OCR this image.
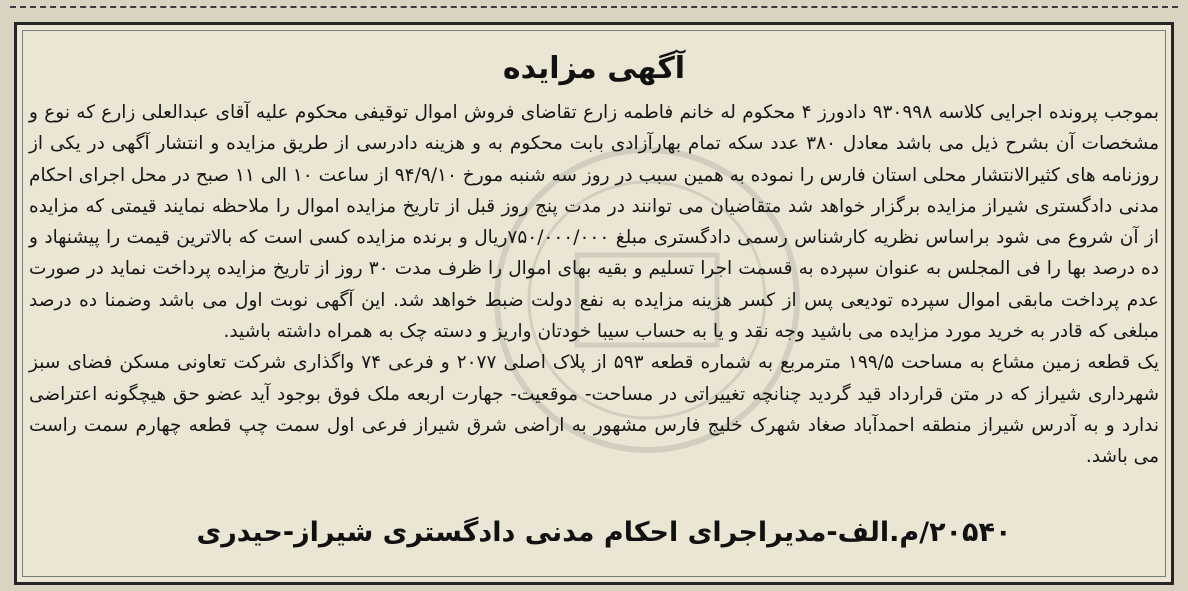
آگهی مزایده

بموجب پرونده اجرایی کلاسه ۹۳۰۹۹۸ دادورز ۴ محکوم له خانم فاطمه زارع تقاضای فروش اموال توقیفی محکوم علیه آقای عبدالعلی زارع که نوع و مشخصات آن بشرح ذیل می باشد معادل ۳۸۰ عدد سکه تمام بهارآزادی بابت محکوم به و هزینه دادرسی از طریق مزایده و انتشار آگهی در یکی از روزنامه های کثیرالانتشار محلی استان فارس را نموده به همین سبب در روز سه شنبه مورخ ۹۴/۹/۱۰ از ساعت ۱۰ الی ۱۱ صبح در محل اجرای احکام مدنی دادگستری شیراز مزایده برگزار خواهد شد متقاضیان می توانند در مدت پنج روز قبل از تاریخ مزایده اموال را ملاحظه نمایند قیمتی که مزایده از آن شروع می شود براساس نظریه کارشناس رسمی دادگستری مبلغ ۷۵۰/۰۰۰/۰۰۰ریال و برنده مزایده کسی است که بالاترین قیمت را پیشنهاد و ده درصد بها را فی المجلس به عنوان سپرده به قسمت اجرا تسلیم و بقیه بهای اموال را ظرف مدت ۳۰ روز از تاریخ مزایده پرداخت نماید در صورت عدم پرداخت مابقی اموال سپرده تودیعی پس از کسر هزینه مزایده به نفع دولت ضبط خواهد شد. این آگهی نوبت اول می باشد وضمنا ده درصد مبلغی که قادر به خرید مورد مزایده می باشید وجه نقد و یا به حساب سیبا خودتان واریز و دسته چک به همراه داشته باشید.

یک قطعه زمین مشاع به مساحت ۱۹۹/۵ مترمربع به شماره قطعه ۵۹۳ از پلاک اصلی ۲۰۷۷ و فرعی ۷۴ واگذاری شرکت تعاونی مسکن فضای سبز شهرداری شیراز که در متن قرارداد قید گردید چنانچه تغییراتی در مساحت- موقعیت- جهارت اربعه ملک فوق بوجود آید عضو حق هیچگونه اعتراضی ندارد و به آدرس شیراز منطقه احمدآباد صغاد شهرک خلیج فارس مشهور به اراضی شرق شیراز فرعی اول سمت چپ قطعه چهارم سمت راست می باشد.

۲۰۵۴۰/م.الف-مدیراجرای احکام مدنی دادگستری شیراز-حیدری
